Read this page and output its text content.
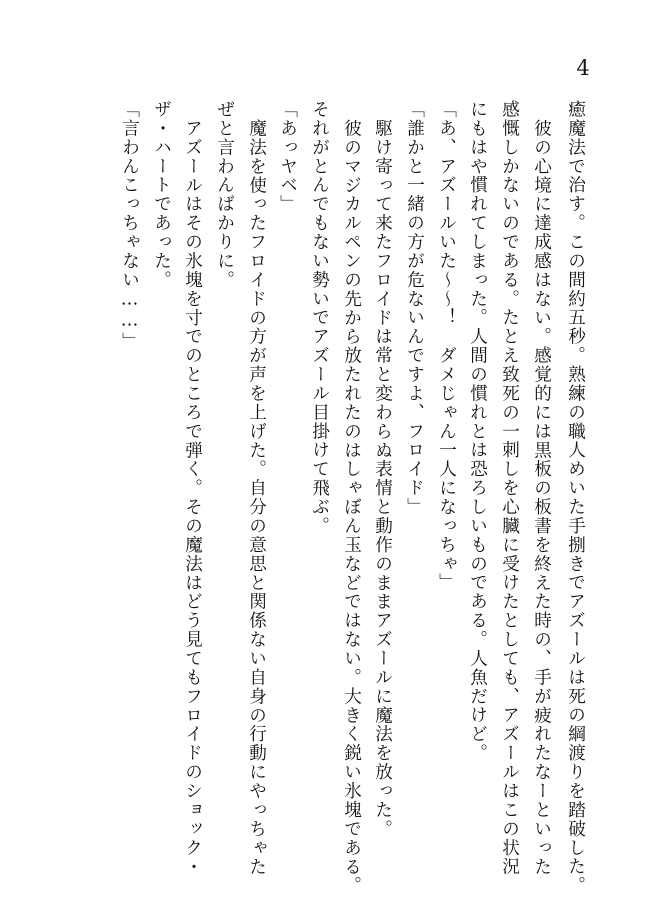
4
癒魔法で治す。この間約五秒。熟練の職人めいた手捌きでアズールは死の綱渡りを踏破した。
彼の心境に達成感はない。感覚的には黒板の板書を終えた時の、手が疲れたなーといった
感慨しかないのである。たとえ致死の一刺しを心臓に受けたとしても、アズールはこの状況
にもはや慣れてしまった。人間の慣れとは恐ろしいものである。人魚だけど。
「あ、アズールいた〜〜！　ダメじゃん一人になっちゃ」
「誰かと一緒の方が危ないんですよ、フロイド」
駆け寄って来たフロイドは常と変わらぬ表情と動作のままアズールに魔法を放った。
彼のマジカルペンの先から放たれたのはしゃぼん玉などではない。大きく鋭い氷塊である。
それがとんでもない勢いでアズール目掛けて飛ぶ。
「あっヤベ」
魔法を使ったフロイドの方が声を上げた。自分の意思と関係ない自身の行動にやっちゃた
ぜと言わんばかりに。
アズールはその氷塊を寸でのところで弾く。その魔法はどう見てもフロイドのショック・
ザ・ハートであった。
「言わんこっちゃない……」
